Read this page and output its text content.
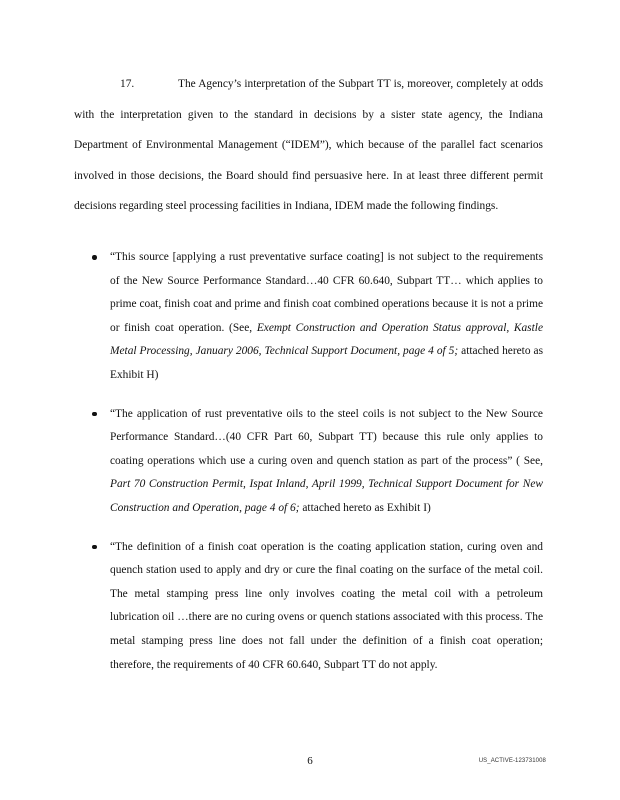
17.	The Agency’s interpretation of the Subpart TT is, moreover, completely at odds with the interpretation given to the standard in decisions by a sister state agency, the Indiana Department of Environmental Management (“IDEM”), which because of the parallel fact scenarios involved in those decisions, the Board should find persuasive here. In at least three different permit decisions regarding steel processing facilities in Indiana, IDEM made the following findings.

“This source [applying a rust preventative surface coating] is not subject to the requirements of the New Source Performance Standard…40 CFR 60.640, Subpart TT… which applies to prime coat, finish coat and prime and finish coat combined operations because it is not a prime or finish coat operation. (See, Exempt Construction and Operation Status approval, Kastle Metal Processing, January 2006, Technical Support Document, page 4 of 5; attached hereto as Exhibit H)

“The application of rust preventative oils to the steel coils is not subject to the New Source Performance Standard…(40 CFR Part 60, Subpart TT) because this rule only applies to coating operations which use a curing oven and quench station as part of the process” ( See, Part 70 Construction Permit, Ispat Inland, April 1999, Technical Support Document for New Construction and Operation, page 4 of 6; attached hereto as Exhibit I)

“The definition of a finish coat operation is the coating application station, curing oven and quench station used to apply and dry or cure the final coating on the surface of the metal coil. The metal stamping press line only involves coating the metal coil with a petroleum lubrication oil …there are no curing ovens or quench stations associated with this process. The metal stamping press line does not fall under the definition of a finish coat operation; therefore, the requirements of 40 CFR 60.640, Subpart TT do not apply.

6	US_ACTIVE-123731008
